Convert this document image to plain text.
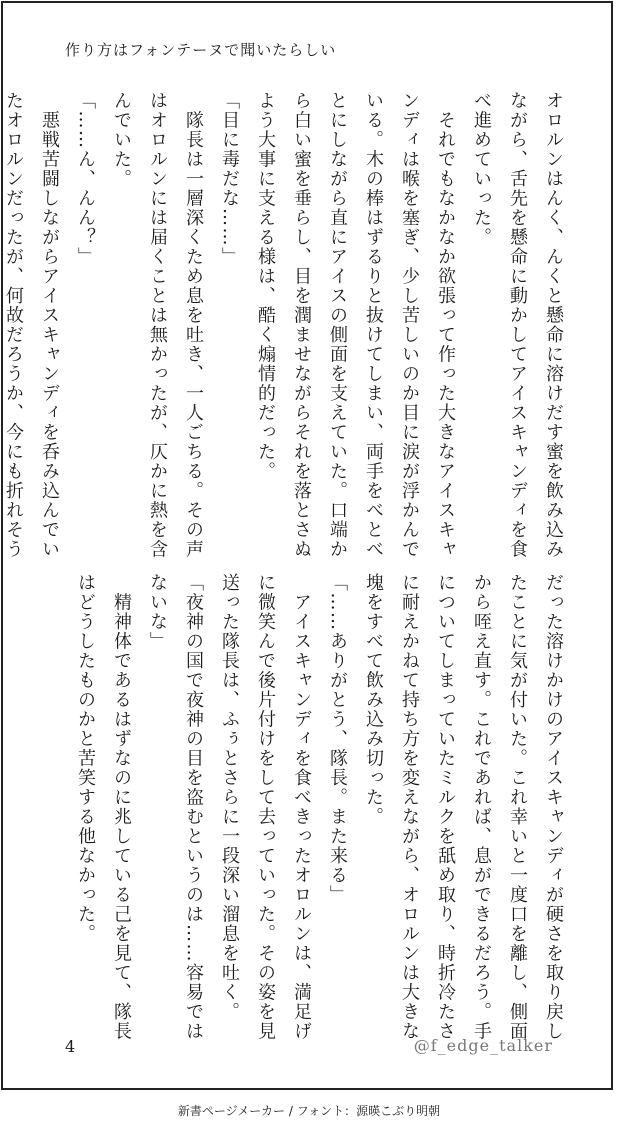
作り方はフォンテーヌで聞いたらしい
オロルンはんく、んくと懸命に溶けだす蜜を飲み込み
ながら、舌先を懸命に動かしてアイスキャンディを食
べ進めていった。
　それでもなかなか欲張って作った大きなアイスキャ
ンディは喉を塞ぎ、少し苦しいのか目に涙が浮かんで
いる。木の棒はずるりと抜けてしまい、両手をべとべ
とにしながら直にアイスの側面を支えていた。口端か
ら白い蜜を垂らし、目を潤ませながらそれを落とさぬ
よう大事に支える様は、酷く煽情的だった。
「目に毒だな……」
　隊長は一層深くため息を吐き、一人ごちる。その声
はオロルンには届くことは無かったが、仄かに熱を含
んでいた。
「……ん、んん？」
　悪戦苦闘しながらアイスキャンディを呑み込んでい
たオロルンだったが、何故だろうか、今にも折れそう
だった溶けかけのアイスキャンディが硬さを取り戻し
たことに気が付いた。これ幸いと一度口を離し、側面
から咥え直す。これであれば、息ができるだろう。手
についてしまっていたミルクを舐め取り、時折冷たさ
に耐えかねて持ち方を変えながら、オロルンは大きな
塊をすべて飲み込み切った。
「……ありがとう、隊長。また来る」
　アイスキャンディを食べきったオロルンは、満足げ
に微笑んで後片付けをして去っていった。その姿を見
送った隊長は、ふぅとさらに一段深い溜息を吐く。
「夜神の国で夜神の目を盗むというのは……容易では
ないな」
　精神体であるはずなのに兆している己を見て、隊長
はどうしたものかと苦笑する他なかった。
4	@f_edge_talker
新書ページメーカー / フォント：源暎こぶり明朝
